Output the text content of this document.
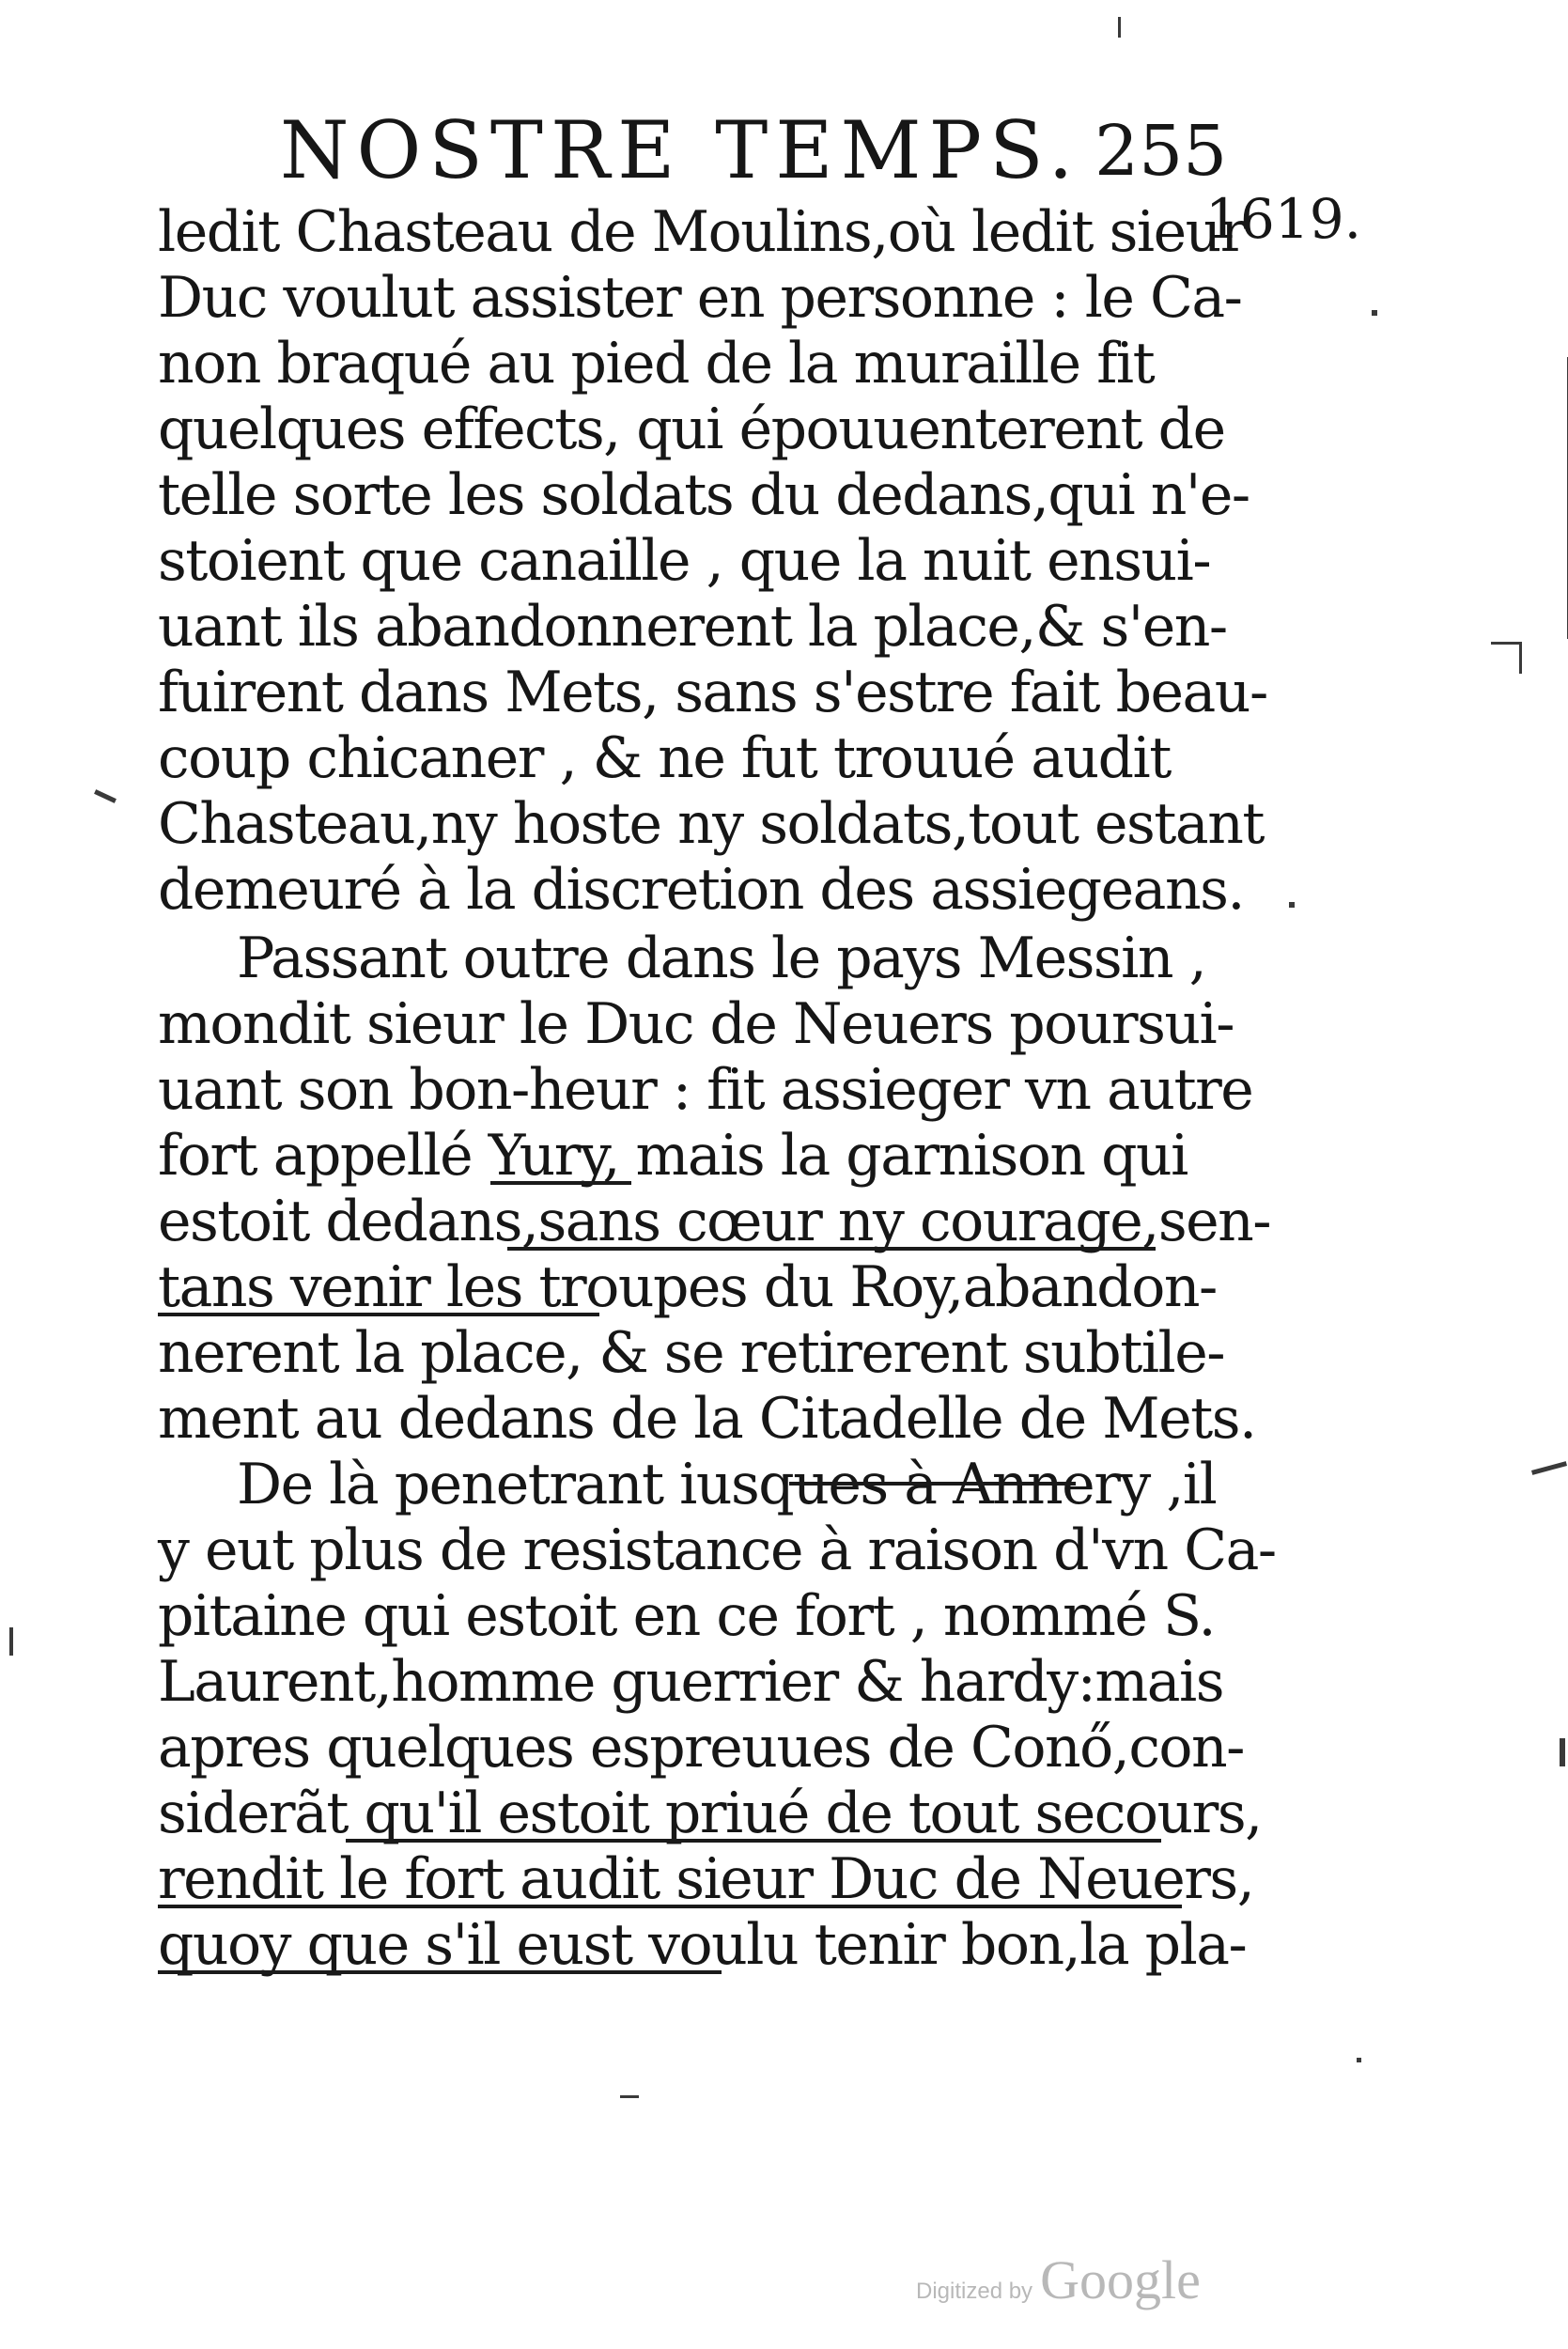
NOSTRE TEMPS. 255
1619.
ledit Chasteau de Moulins,où ledit sieur
Duc voulut assister en personne : le Ca-
non braqué au pied de la muraille fit
quelques effects, qui épouuenterent de
telle sorte les soldats du dedans,qui n'e-
stoient que canaille , que la nuit ensui-
uant ils abandonnerent la place,& s'en-
fuirent dans Mets, sans s'estre fait beau-
coup chicaner , & ne fut trouué audit
Chasteau,ny hoste ny soldats,tout estant
demeuré à la discretion des assiegeans.
Passant outre dans le pays Messin ,
mondit sieur le Duc de Neuers poursui-
uant son bon-heur : fit assieger vn autre
fort appellé Yury, mais la garnison qui
estoit dedans,sans cœur ny courage,sen-
tans venir les troupes du Roy,abandon-
nerent la place, & se retirerent subtile-
ment au dedans de la Citadelle de Mets.
De là penetrant iusques à Annery ,il
y eut plus de resistance à raison d'vn Ca-
pitaine qui estoit en ce fort , nommé S.
Laurent,homme guerrier & hardy:mais
apres quelques espreuues de Conő,con-
siderãt qu'il estoit priué de tout secours,
rendit le fort audit sieur Duc de Neuers,
quoy que s'il eust voulu tenir bon,la pla-
Digitized by Google
